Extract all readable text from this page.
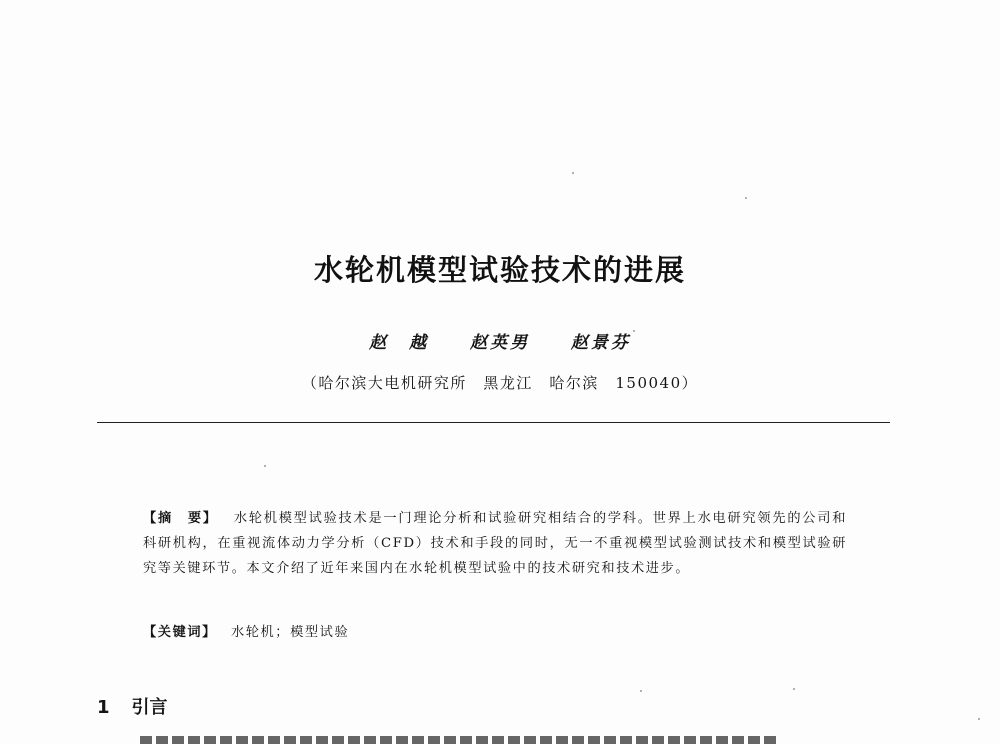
水轮机模型试验技术的进展
赵　越 赵英男 赵景芬
（哈尔滨大电机研究所　黑龙江　哈尔滨　150040）
【摘　要】 水轮机模型试验技术是一门理论分析和试验研究相结合的学科。世界上水电研究领先的公司和科研机构，在重视流体动力学分析（CFD）技术和手段的同时，无一不重视模型试验测试技术和模型试验研究等关键环节。本文介绍了近年来国内在水轮机模型试验中的技术研究和技术进步。
【关键词】 水轮机；模型试验
1 引言
